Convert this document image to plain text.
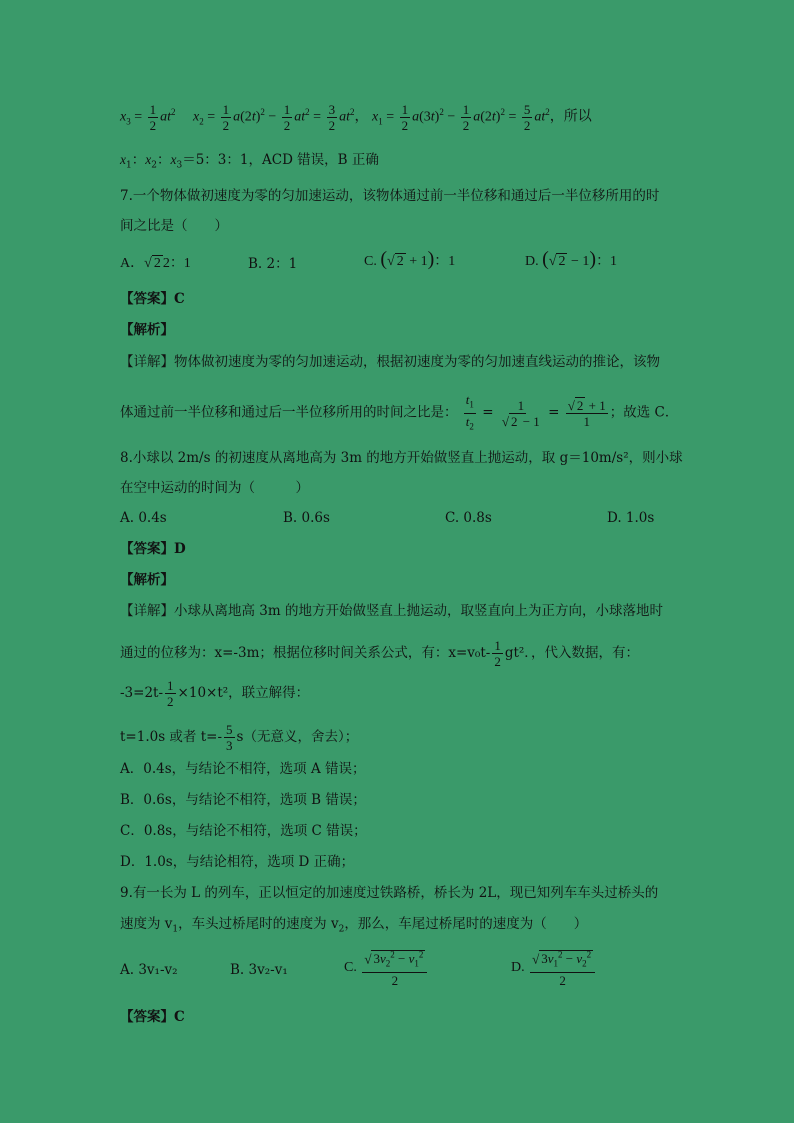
$x_3 = \frac{1}{2} at^2$ $x_2 = \frac{1}{2} a(2t)^2 - \frac{1}{2} at^2 = \frac{3}{2} at^2$， $x_1 = \frac{1}{2} a(3t)^2 - \frac{1}{2} a(2t)^2 = \frac{5}{2} at^2$，所以
$x_1$：$x_2$：$x_3=5$：3：1，ACD 错误，B 正确
7.一个物体做初速度为零的匀加速运动，该物体通过前一半位移和通过后一半位移所用的时
间之比是（　　）
A．√ 2 2：1	B. 2：1	C. (√ 2 + 1)：1	D. (√ 2 − 1)：1
【答案】C
【解析】
【详解】物体做初速度为零的匀加速运动，根据初速度为零的匀加速直线运动的推论，该物
体通过前一半位移和通过后一半位移所用的时间之比是： $\frac{t_1}{t_2} = \frac{1}{√ 2 - 1} = \frac{√ 2 + 1}{1}$ ；故选 C．
8.小球以 2m/s 的初速度从离地高为 3m 的地方开始做竖直上抛运动，取 g＝10m/s²，则小球
在空中运动的时间为（　　　）
A. 0.4s	B. 0.6s	C. 0.8s	D. 1.0s
【答案】D
【解析】
【详解】小球从离地高 3m 的地方开始做竖直上抛运动，取竖直向上为正方向，小球落地时
通过的位移为：x=-3m；根据位移时间关系公式，有：$x=v_0t- \frac{1}{2} gt^2$．，代入数据，有：
$-3=2t- \frac{1}{2} \times 10\times t^2$，联立解得：
t=1.0s 或者 $t=- \frac{5}{3} s$（无意义，舍去）；
A．0.4s，与结论不相符，选项 A 错误；
B．0.6s，与结论不相符，选项 B 错误；
C．0.8s，与结论不相符，选项 C 错误；
D．1.0s，与结论相符，选项 D 正确；
9.有一长为 L 的列车，正以恒定的加速度过铁路桥，桥长为 2L，现已知列车车头过桥头的
速度为 $v_1$，车头过桥尾时的速度为 $v_2$，那么，车尾过桥尾时的速度为（　　）
A. 3v₁-v₂	B. 3v₂-v₁	C. $\frac{√ 3v_2^2 - v_1^2}{2}$	D. $\frac{√ 3v_1^2 - v_2^2}{2}$
【答案】C
